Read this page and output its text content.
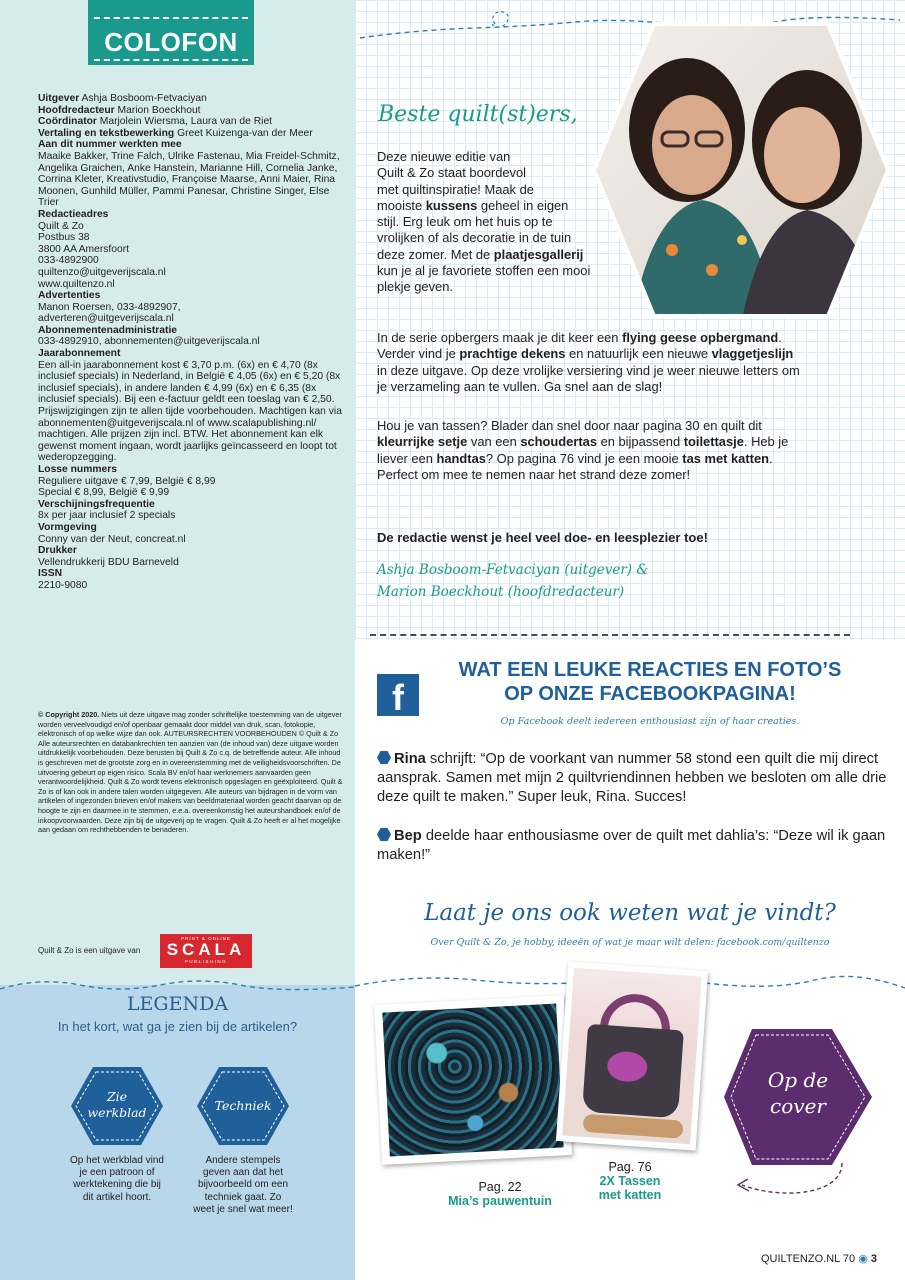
COLOFON
Uitgever Ashja Bosboom-Fetvaciyan
Hoofdredacteur Marion Boeckhout
Coördinator Marjolein Wiersma, Laura van de Riet
Vertaling en tekstbewerking Greet Kuizenga-van der Meer
Aan dit nummer werkten mee
Maaike Bakker, Trine Falch, Ulrike Fastenau, Mia Freidel-Schmitz, Angelika Graichen, Anke Hanstein, Marianne Hill, Cornelia Janke, Corrina Kleter, Kreativstudio, Françoise Maarse, Anni Maier, Rina Moonen, Gunhild Müller, Pammi Panesar, Christine Singer, Else Trier
Redactieadres
Quilt & Zo
Postbus 38
3800 AA Amersfoort
033-4892900
quiltenzo@uitgeverijscala.nl
www.quiltenzo.nl
Advertenties
Manon Roersen, 033-4892907,
adverteren@uitgeverijscala.nl
Abonnementenadministratie
033-4892910, abonnementen@uitgeverijscala.nl
Jaarabonnement
Een all-in jaarabonnement kost € 3,70 p.m. (6x) en € 4,70 (8x inclusief specials) in Nederland, in België € 4,05 (6x) en € 5,20 (8x inclusief specials), in andere landen € 4,99 (6x) en € 6,35 (8x inclusief specials). Bij een e-factuur geldt een toeslag van € 2,50. Prijswijzigingen zijn te allen tijde voorbehouden. Machtigen kan via abonnementen@uitgeverijscala.nl of www.scalapublishing.nl/ machtigen. Alle prijzen zijn incl. BTW. Het abonnement kan elk gewenst moment ingaan, wordt jaarlijks geïncasseerd en loopt tot wederopzegging.
Losse nummers
Reguliere uitgave € 7,99, België € 8,99
Special € 8,99, België € 9,99
Verschijningsfrequentie
8x per jaar inclusief 2 specials
Vormgeving
Conny van der Neut, concreat.nl
Drukker
Vellendrukkerij BDU Barneveld
ISSN
2210-9080
© Copyright 2020. Niets uit deze uitgave mag zonder schriftelijke toestemming van de uitgever worden verveelvoudigd en/of openbaar gemaakt door middel van druk, scan, fotokopie, elektronisch of op welke wijze dan ook. AUTEURSRECHTEN VOORBEHOUDEN © Quilt & Zo Alle auteursrechten en databankrechten ten aanzien van (de inhoud van) deze uitgave worden uitdrukkelijk voorbehouden. Deze berusten bij Quilt & Zo c.q. de betreffende auteur. Alle inhoud is geschreven met de grootste zorg en in overeenstemming met de veiligheidsvoorschriften. De uitvoering gebeurt op eigen risico. Scala BV en/of haar werknemers aanvaarden geen verantwoordelijkheid. Quilt & Zo wordt tevens elektronisch opgeslagen en geëxploiteerd. Quilt & Zo is of kan ook in andere talen worden uitgegeven. Alle auteurs van bijdragen in de vorm van artikelen of ingezonden brieven en/of makers van beeldmateriaal worden geacht daarvan op de hoogte te zijn en daarmee in te stemmen, e.e.a. overeenkomstig het auteurshandboek en/of de inkoopvoorwaarden. Deze zijn bij de uitgeverij op te vragen. Quilt & Zo heeft er al het mogelijke aan gedaan om rechthebbenden te benaderen.
Quilt & Zo is een uitgave van
PRINT & ONLINE
SCALA
PUBLISHING
LEGENDA
In het kort, wat ga je zien bij de artikelen?
Zie
werkblad
Op het werkblad vind je een patroon of werktekening die bij dit artikel hoort.
Techniek
Andere stempels geven aan dat het bijvoorbeeld om een techniek gaat. Zo weet je snel wat meer!
Beste quilt(st)ers,
Deze nieuwe editie van
Quilt & Zo staat boordevol
met quiltinspiratie! Maak de
mooiste kussens geheel in eigen
stijl. Erg leuk om het huis op te
vrolijken of als decoratie in de tuin
deze zomer. Met de plaatjesgallerij
kun je al je favoriete stoffen een mooi
plekje geven.
In de serie opbergers maak je dit keer een flying geese opbergmand.
Verder vind je prachtige dekens en natuurlijk een nieuwe vlaggetjeslijn
in deze uitgave. Op deze vrolijke versiering vind je weer nieuwe letters om
je verzameling aan te vullen. Ga snel aan de slag!
Hou je van tassen? Blader dan snel door naar pagina 30 en quilt dit
kleurrijke setje van een schoudertas en bijpassend toilettasje. Heb je
liever een handtas? Op pagina 76 vind je een mooie tas met katten.
Perfect om mee te nemen naar het strand deze zomer!
De redactie wenst je heel veel doe- en leesplezier toe!
Ashja Bosboom-Fetvaciyan (uitgever) &
Marion Boeckhout (hoofdredacteur)
f
WAT EEN LEUKE REACTIES EN FOTO’S
OP ONZE FACEBOOKPAGINA!
Op Facebook deelt iedereen enthousiast zijn of haar creaties.
Rina schrijft: “Op de voorkant van nummer 58 stond een quilt die mij direct aansprak. Samen met mijn 2 quiltvriendinnen hebben we besloten om alle drie deze quilt te maken.” Super leuk, Rina. Succes!
Bep deelde haar enthousiasme over de quilt met dahlia’s: “Deze wil ik gaan maken!”
Laat je ons ook weten wat je vindt?
Over Quilt & Zo, je hobby, ideeën of wat je maar wilt delen: facebook.com/quiltenzo
Pag. 22
Mia’s pauwentuin
Pag. 76
2X Tassen
met katten
Op de
cover
QUILTENZO.NL 70 ◉ 3
